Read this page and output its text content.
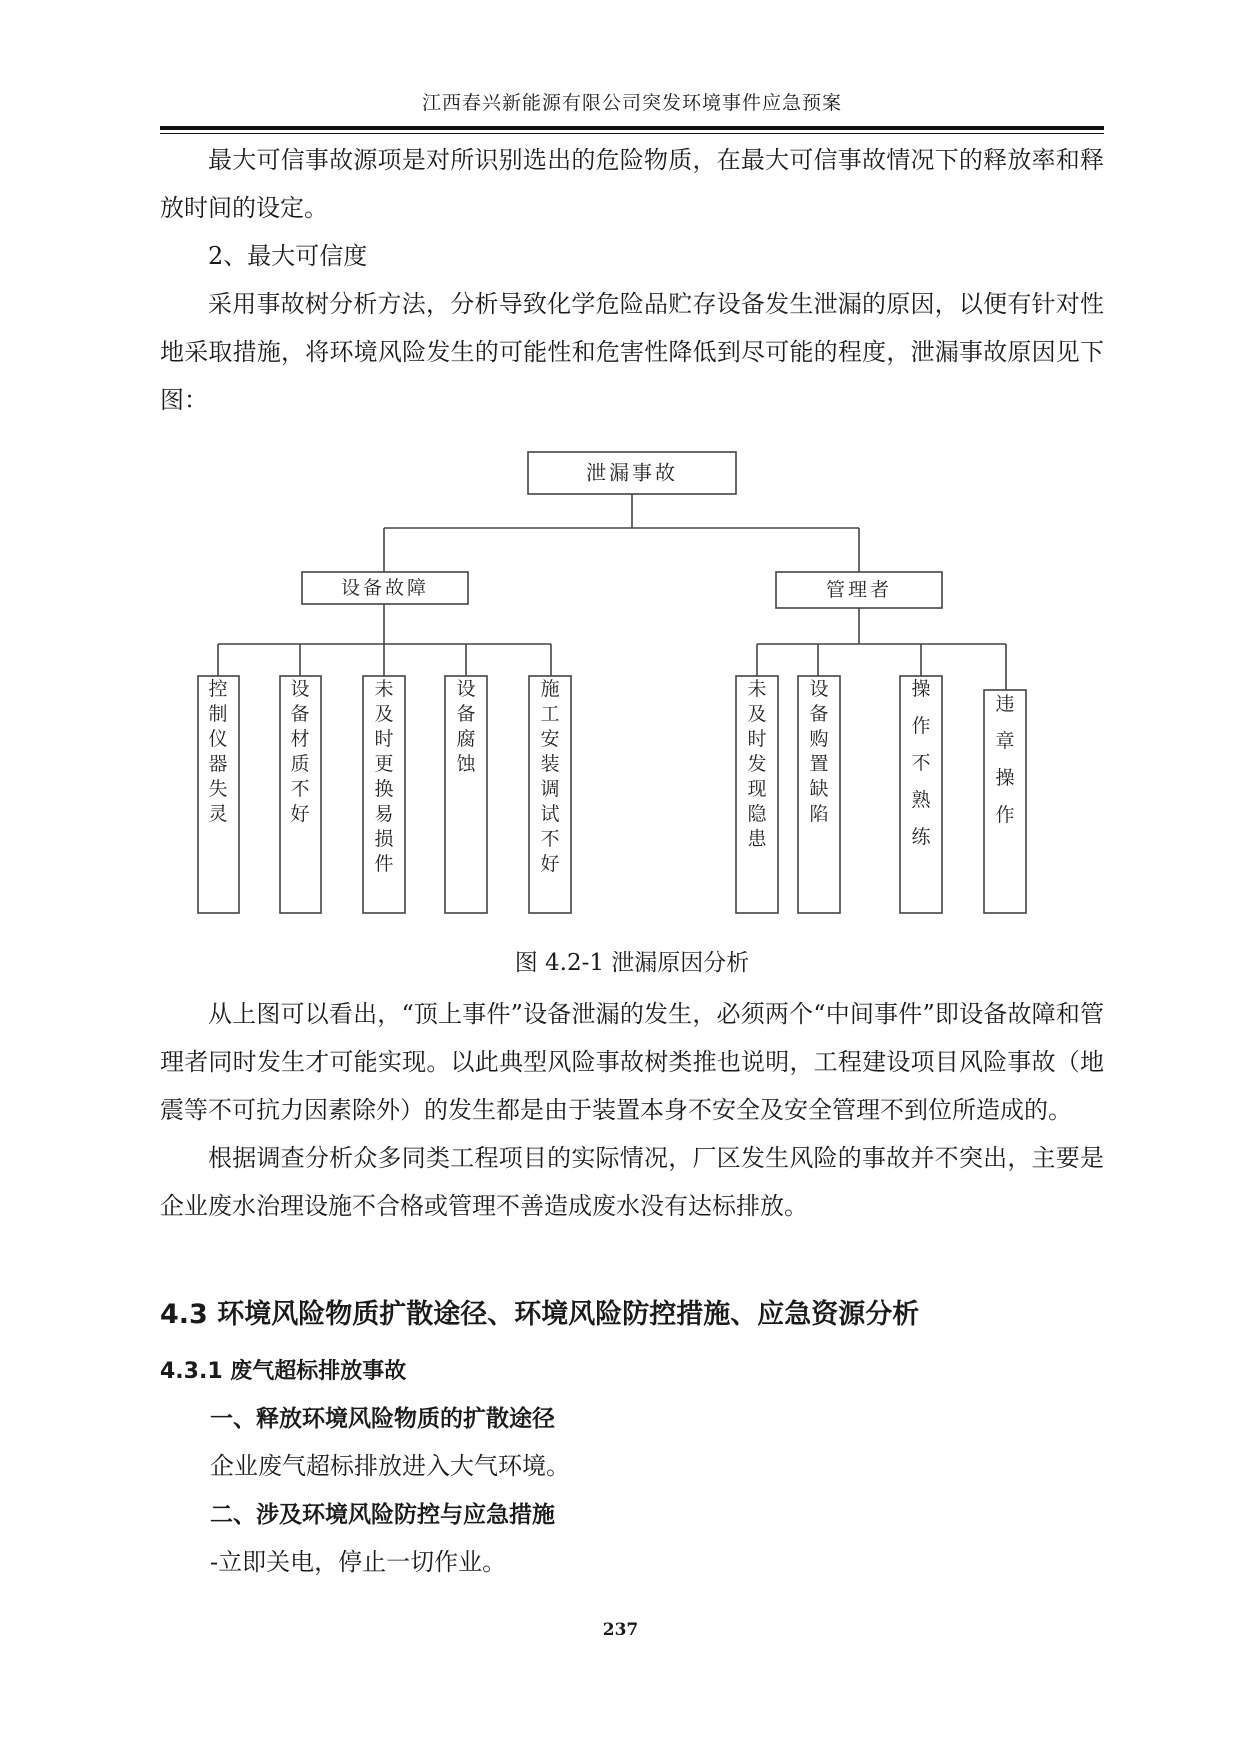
江西春兴新能源有限公司突发环境事件应急预案

最大可信事故源项是对所识别选出的危险物质，在最大可信事故情况下的释放率和释放时间的设定。

2、最大可信度

采用事故树分析方法，分析导致化学危险品贮存设备发生泄漏的原因，以便有针对性地采取措施，将环境风险发生的可能性和危害性降低到尽可能的程度，泄漏事故原因见下图：

泄漏事故
设备故障	管理者
控制仪器失灵
设备材质不好
未及时更换易损件
设备腐蚀
施工安装调试不好
未及时发现隐患
设备购置缺陷
操作不熟练
违章操作
图 4.2-1 泄漏原因分析

从上图可以看出，“顶上事件”设备泄漏的发生，必须两个“中间事件”即设备故障和管理者同时发生才可能实现。以此典型风险事故树类推也说明，工程建设项目风险事故（地震等不可抗力因素除外）的发生都是由于装置本身不安全及安全管理不到位所造成的。

根据调查分析众多同类工程项目的实际情况，厂区发生风险的事故并不突出，主要是企业废水治理设施不合格或管理不善造成废水没有达标排放。

4.3 环境风险物质扩散途径、环境风险防控措施、应急资源分析
4.3.1 废气超标排放事故
一、释放环境风险物质的扩散途径
企业废气超标排放进入大气环境。
二、涉及环境风险防控与应急措施
-立即关电，停止一切作业。
237
